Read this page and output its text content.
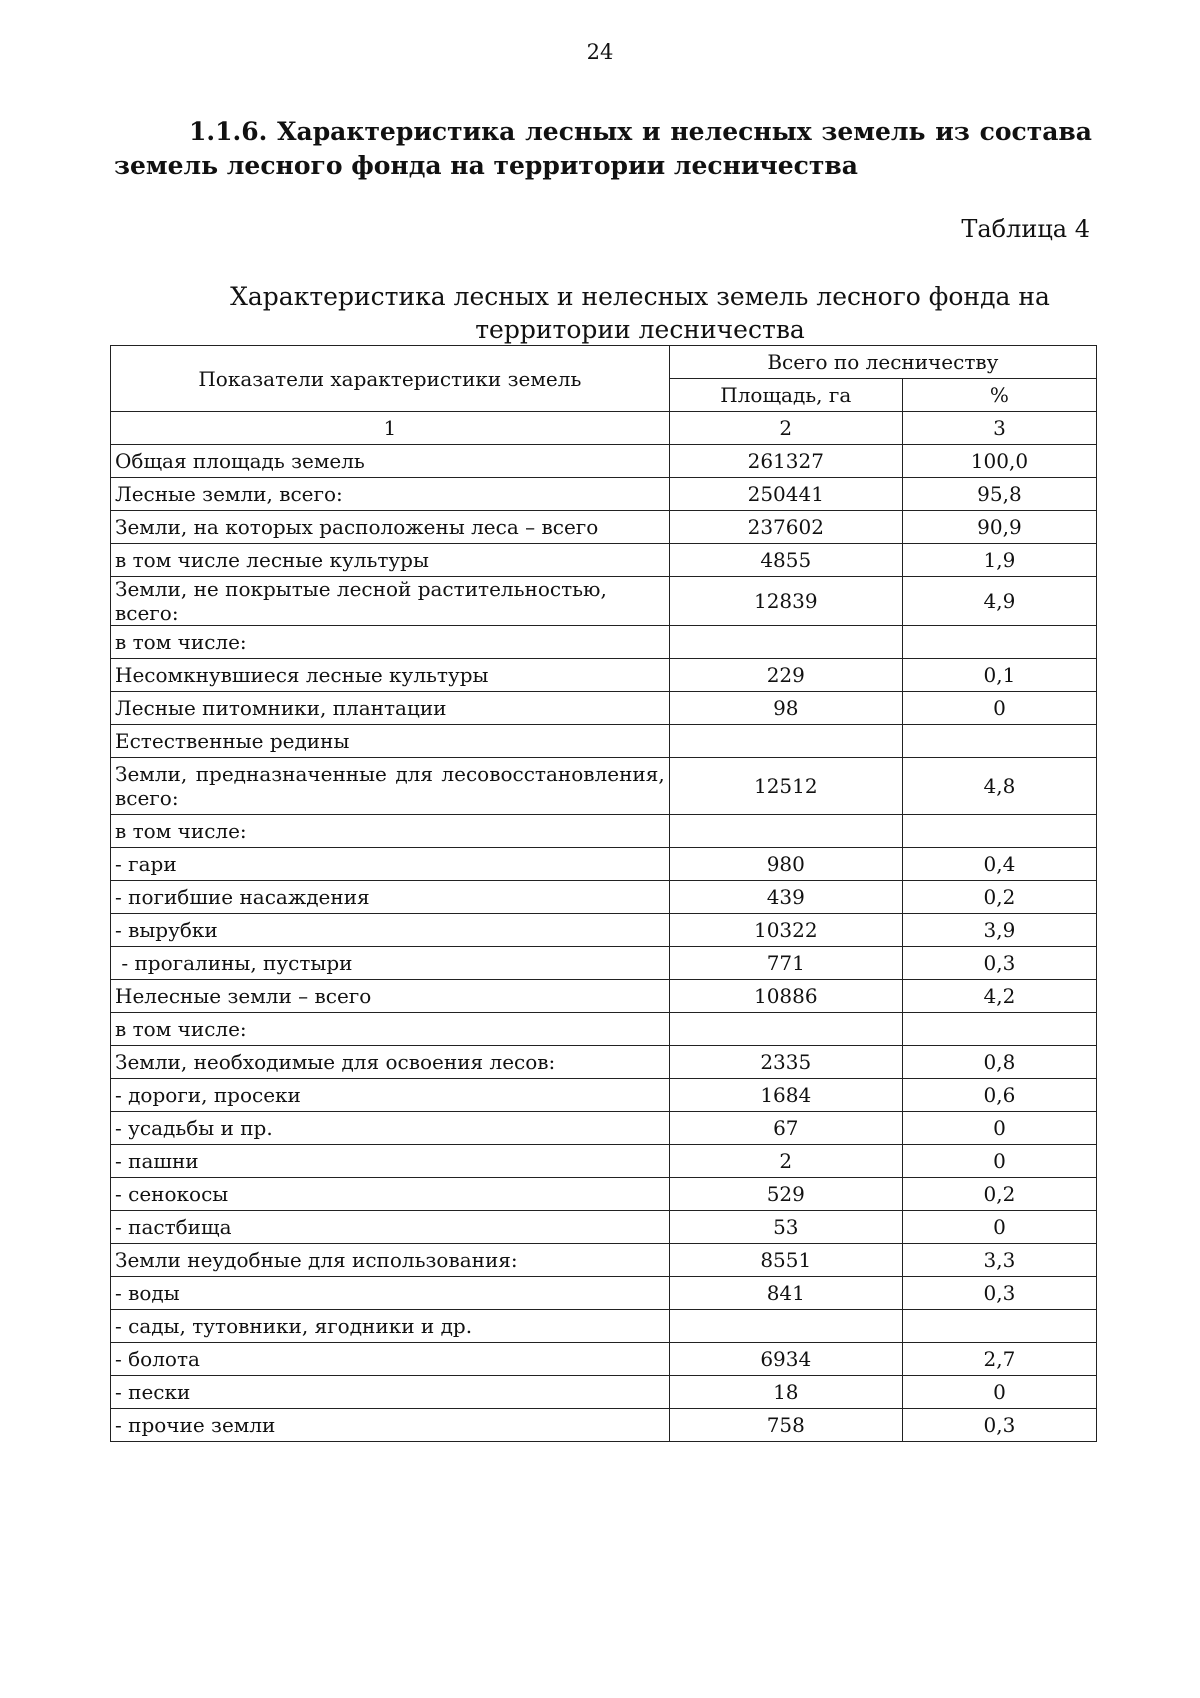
24

1.1.6. Характеристика лесных и нелесных земель из состава земель лесного фонда на территории лесничества

Таблица 4

Характеристика лесных и нелесных земель лесного фонда на территории лесничества

Показатели характеристики земель	Всего по лесничеству	
	Площадь, га	%
1	2	3
Общая площадь земель	261327	100,0
Лесные земли, всего:	250441	95,8
Земли, на которых расположены леса – всего	237602	90,9
в том числе лесные культуры	4855	1,9
Земли, не покрытые лесной растительностью, всего:	12839	4,9
в том числе:		
Несомкнувшиеся лесные культуры	229	0,1
Лесные питомники, плантации	98	0
Естественные редины		
Земли, предназначенные для лесовосстановления, всего:	12512	4,8
в том числе:		
- гари	980	0,4
- погибшие насаждения	439	0,2
- вырубки	10322	3,9
- прогалины, пустыри	771	0,3
Нелесные земли – всего	10886	4,2
в том числе:		
Земли, необходимые для освоения лесов:	2335	0,8
- дороги, просеки	1684	0,6
- усадьбы и пр.	67	0
- пашни	2	0
- сенокосы	529	0,2
- пастбища	53	0
Земли неудобные для использования:	8551	3,3
- воды	841	0,3
- сады, тутовники, ягодники и др.		
- болота	6934	2,7
- пески	18	0
- прочие земли	758	0,3
